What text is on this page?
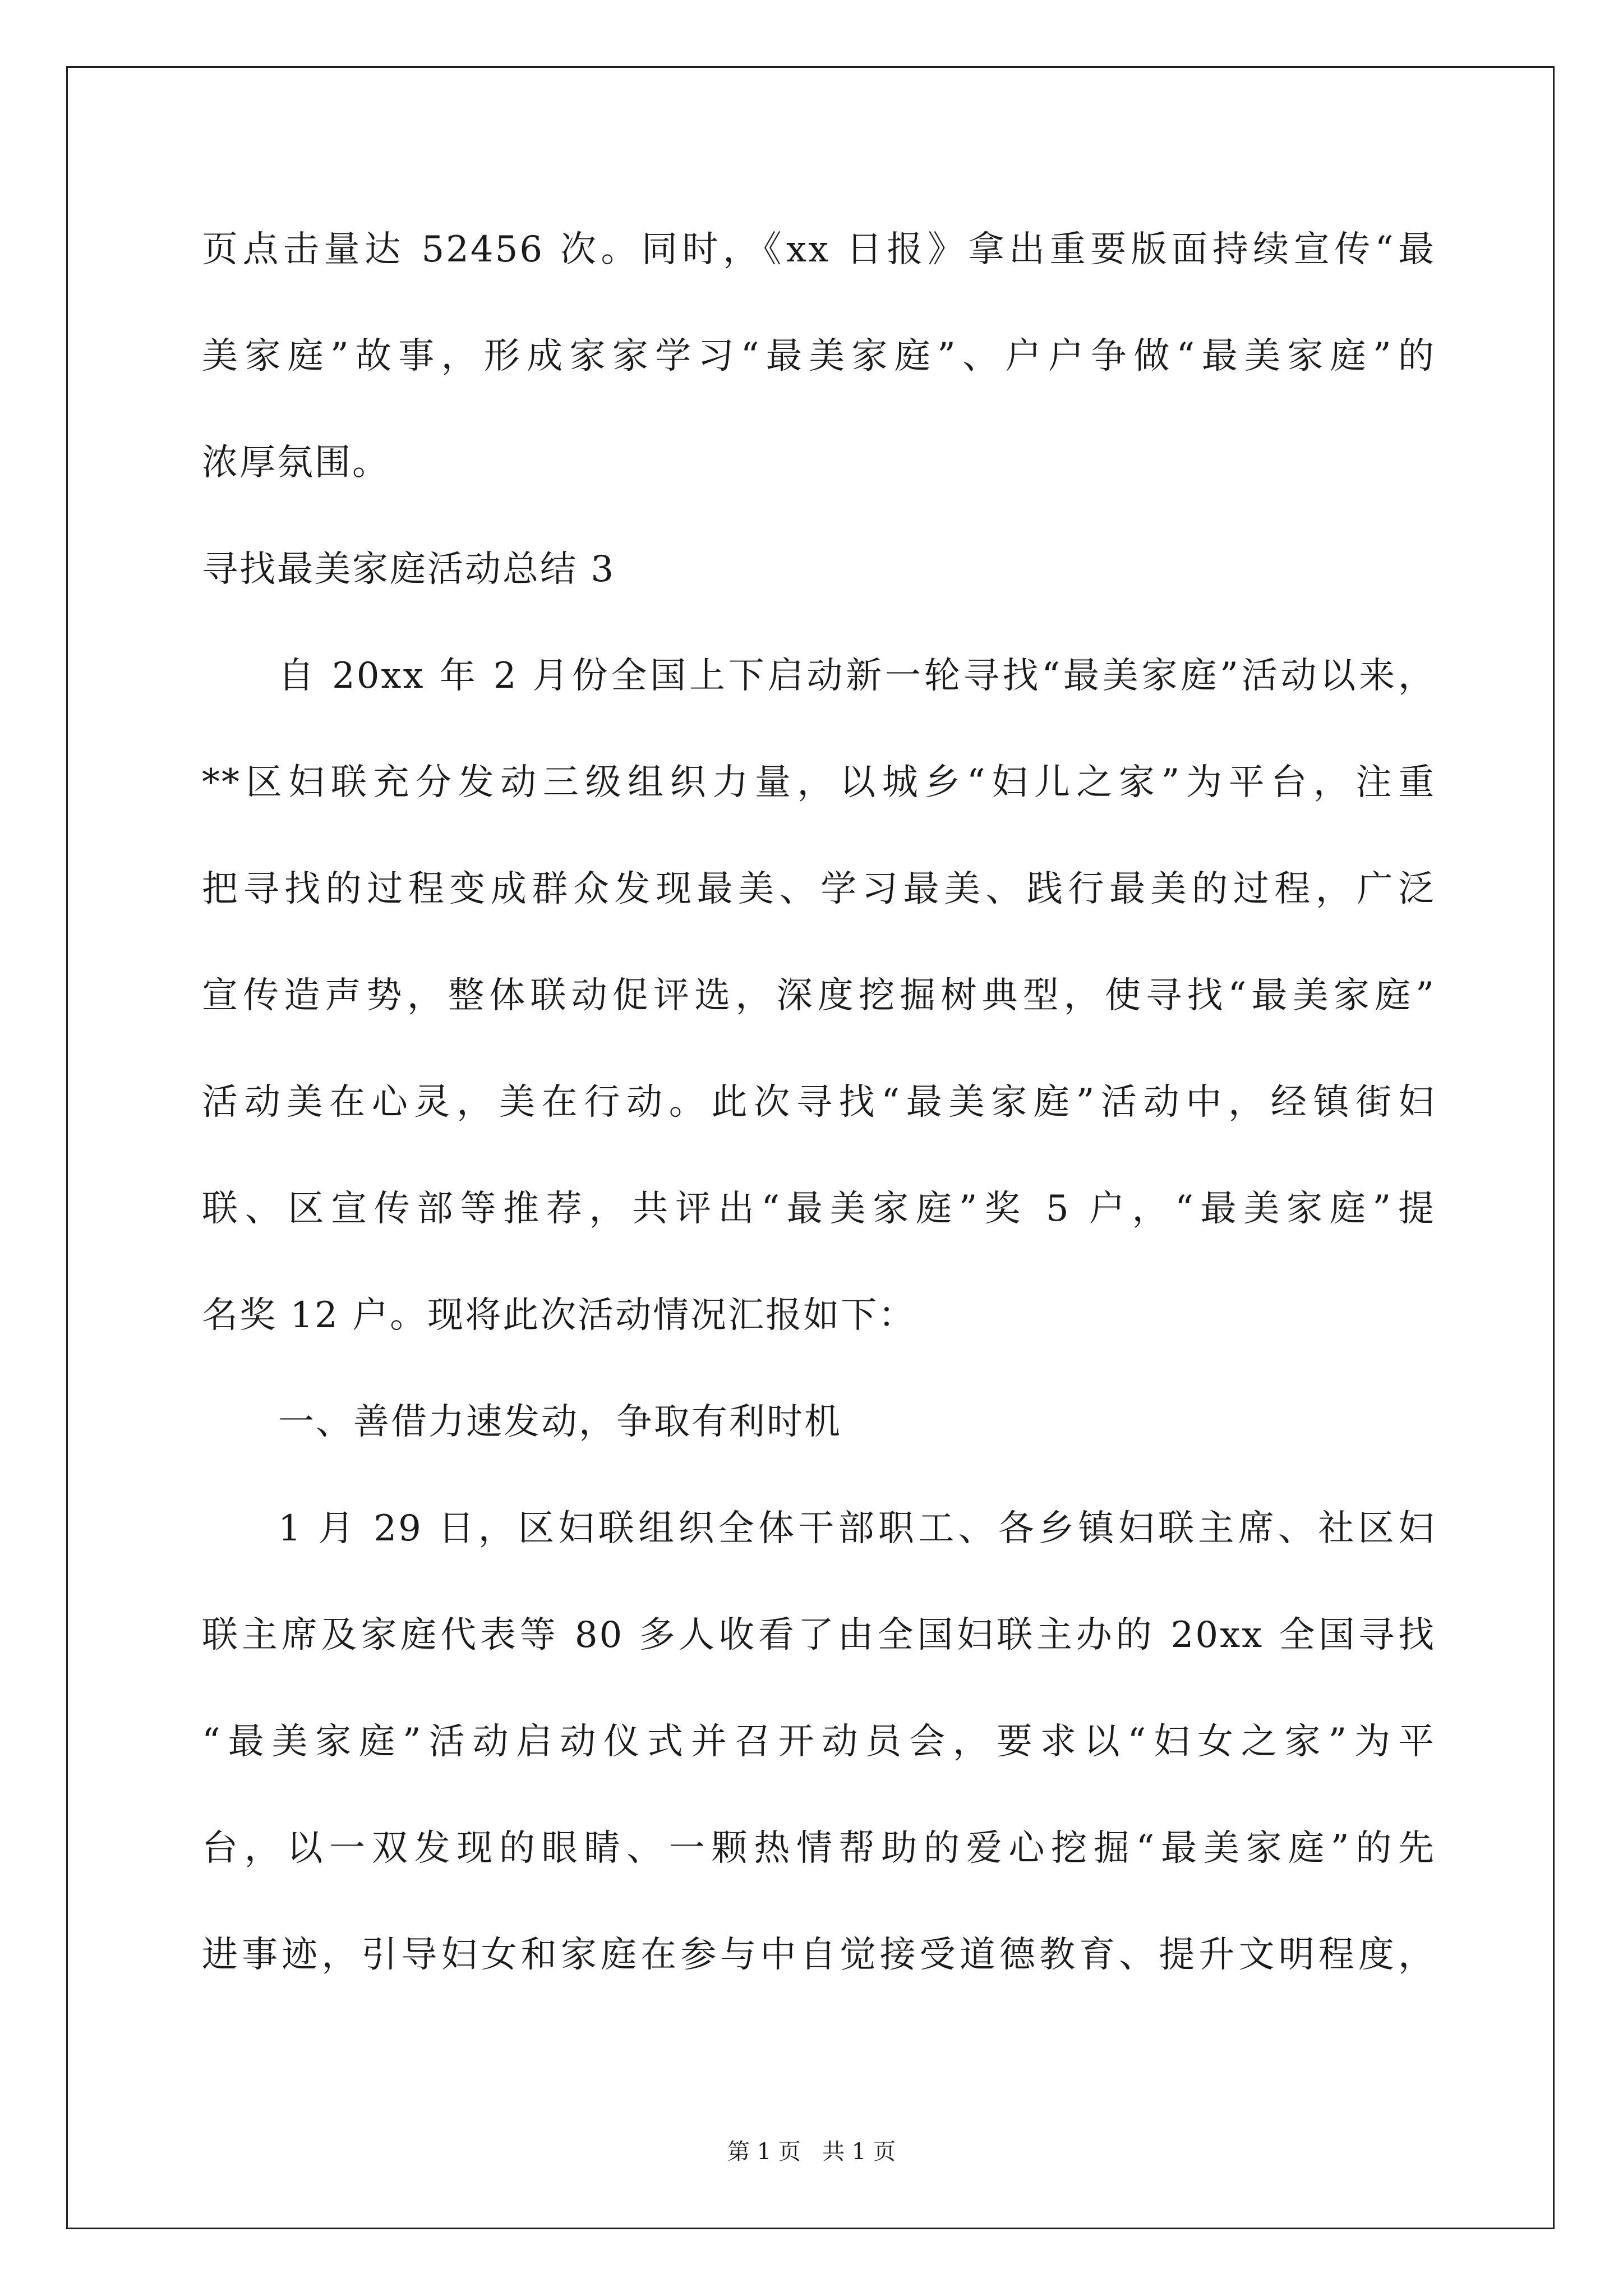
页点击量达 52456 次。同时，《xx 日报》拿出重要版面持续宣传“最
美家庭”故事，形成家家学习“最美家庭”、户户争做“最美家庭”的
浓厚氛围。
寻找最美家庭活动总结 3
自 20xx 年 2 月份全国上下启动新一轮寻找“最美家庭”活动以来，
**区妇联充分发动三级组织力量，以城乡“妇儿之家”为平台，注重
把寻找的过程变成群众发现最美、学习最美、践行最美的过程，广泛
宣传造声势，整体联动促评选，深度挖掘树典型，使寻找“最美家庭”
活动美在心灵，美在行动。此次寻找“最美家庭”活动中，经镇街妇
联、区宣传部等推荐，共评出“最美家庭”奖 5 户，“最美家庭”提
名奖 12 户。现将此次活动情况汇报如下：
一、善借力速发动，争取有利时机
1 月 29 日，区妇联组织全体干部职工、各乡镇妇联主席、社区妇
联主席及家庭代表等 80 多人收看了由全国妇联主办的 20xx 全国寻找
“最美家庭”活动启动仪式并召开动员会，要求以“妇女之家”为平
台，以一双发现的眼睛、一颗热情帮助的爱心挖掘“最美家庭”的先
进事迹，引导妇女和家庭在参与中自觉接受道德教育、提升文明程度，
第 1 页   共 1 页
